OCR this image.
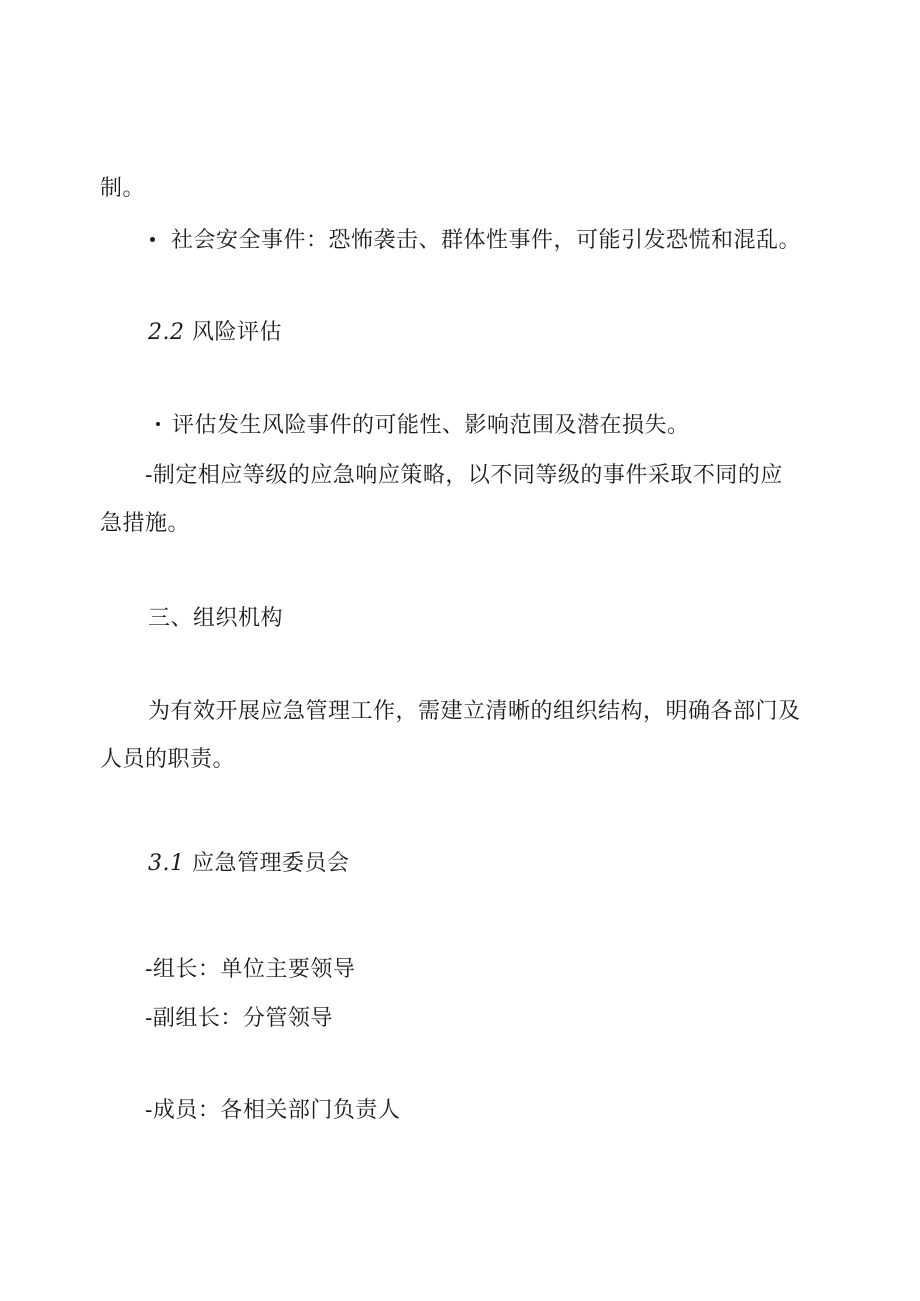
制。
社会安全事件：恐怖袭击、群体性事件，可能引发恐慌和混乱。
2.2 风险评估
评估发生风险事件的可能性、影响范围及潜在损失。
-制定相应等级的应急响应策略，以不同等级的事件采取不同的应
急措施。
三、组织机构
为有效开展应急管理工作，需建立清晰的组织结构，明确各部门及
人员的职责。
3.1 应急管理委员会
-组长：单位主要领导
-副组长：分管领导
-成员：各相关部门负责人
